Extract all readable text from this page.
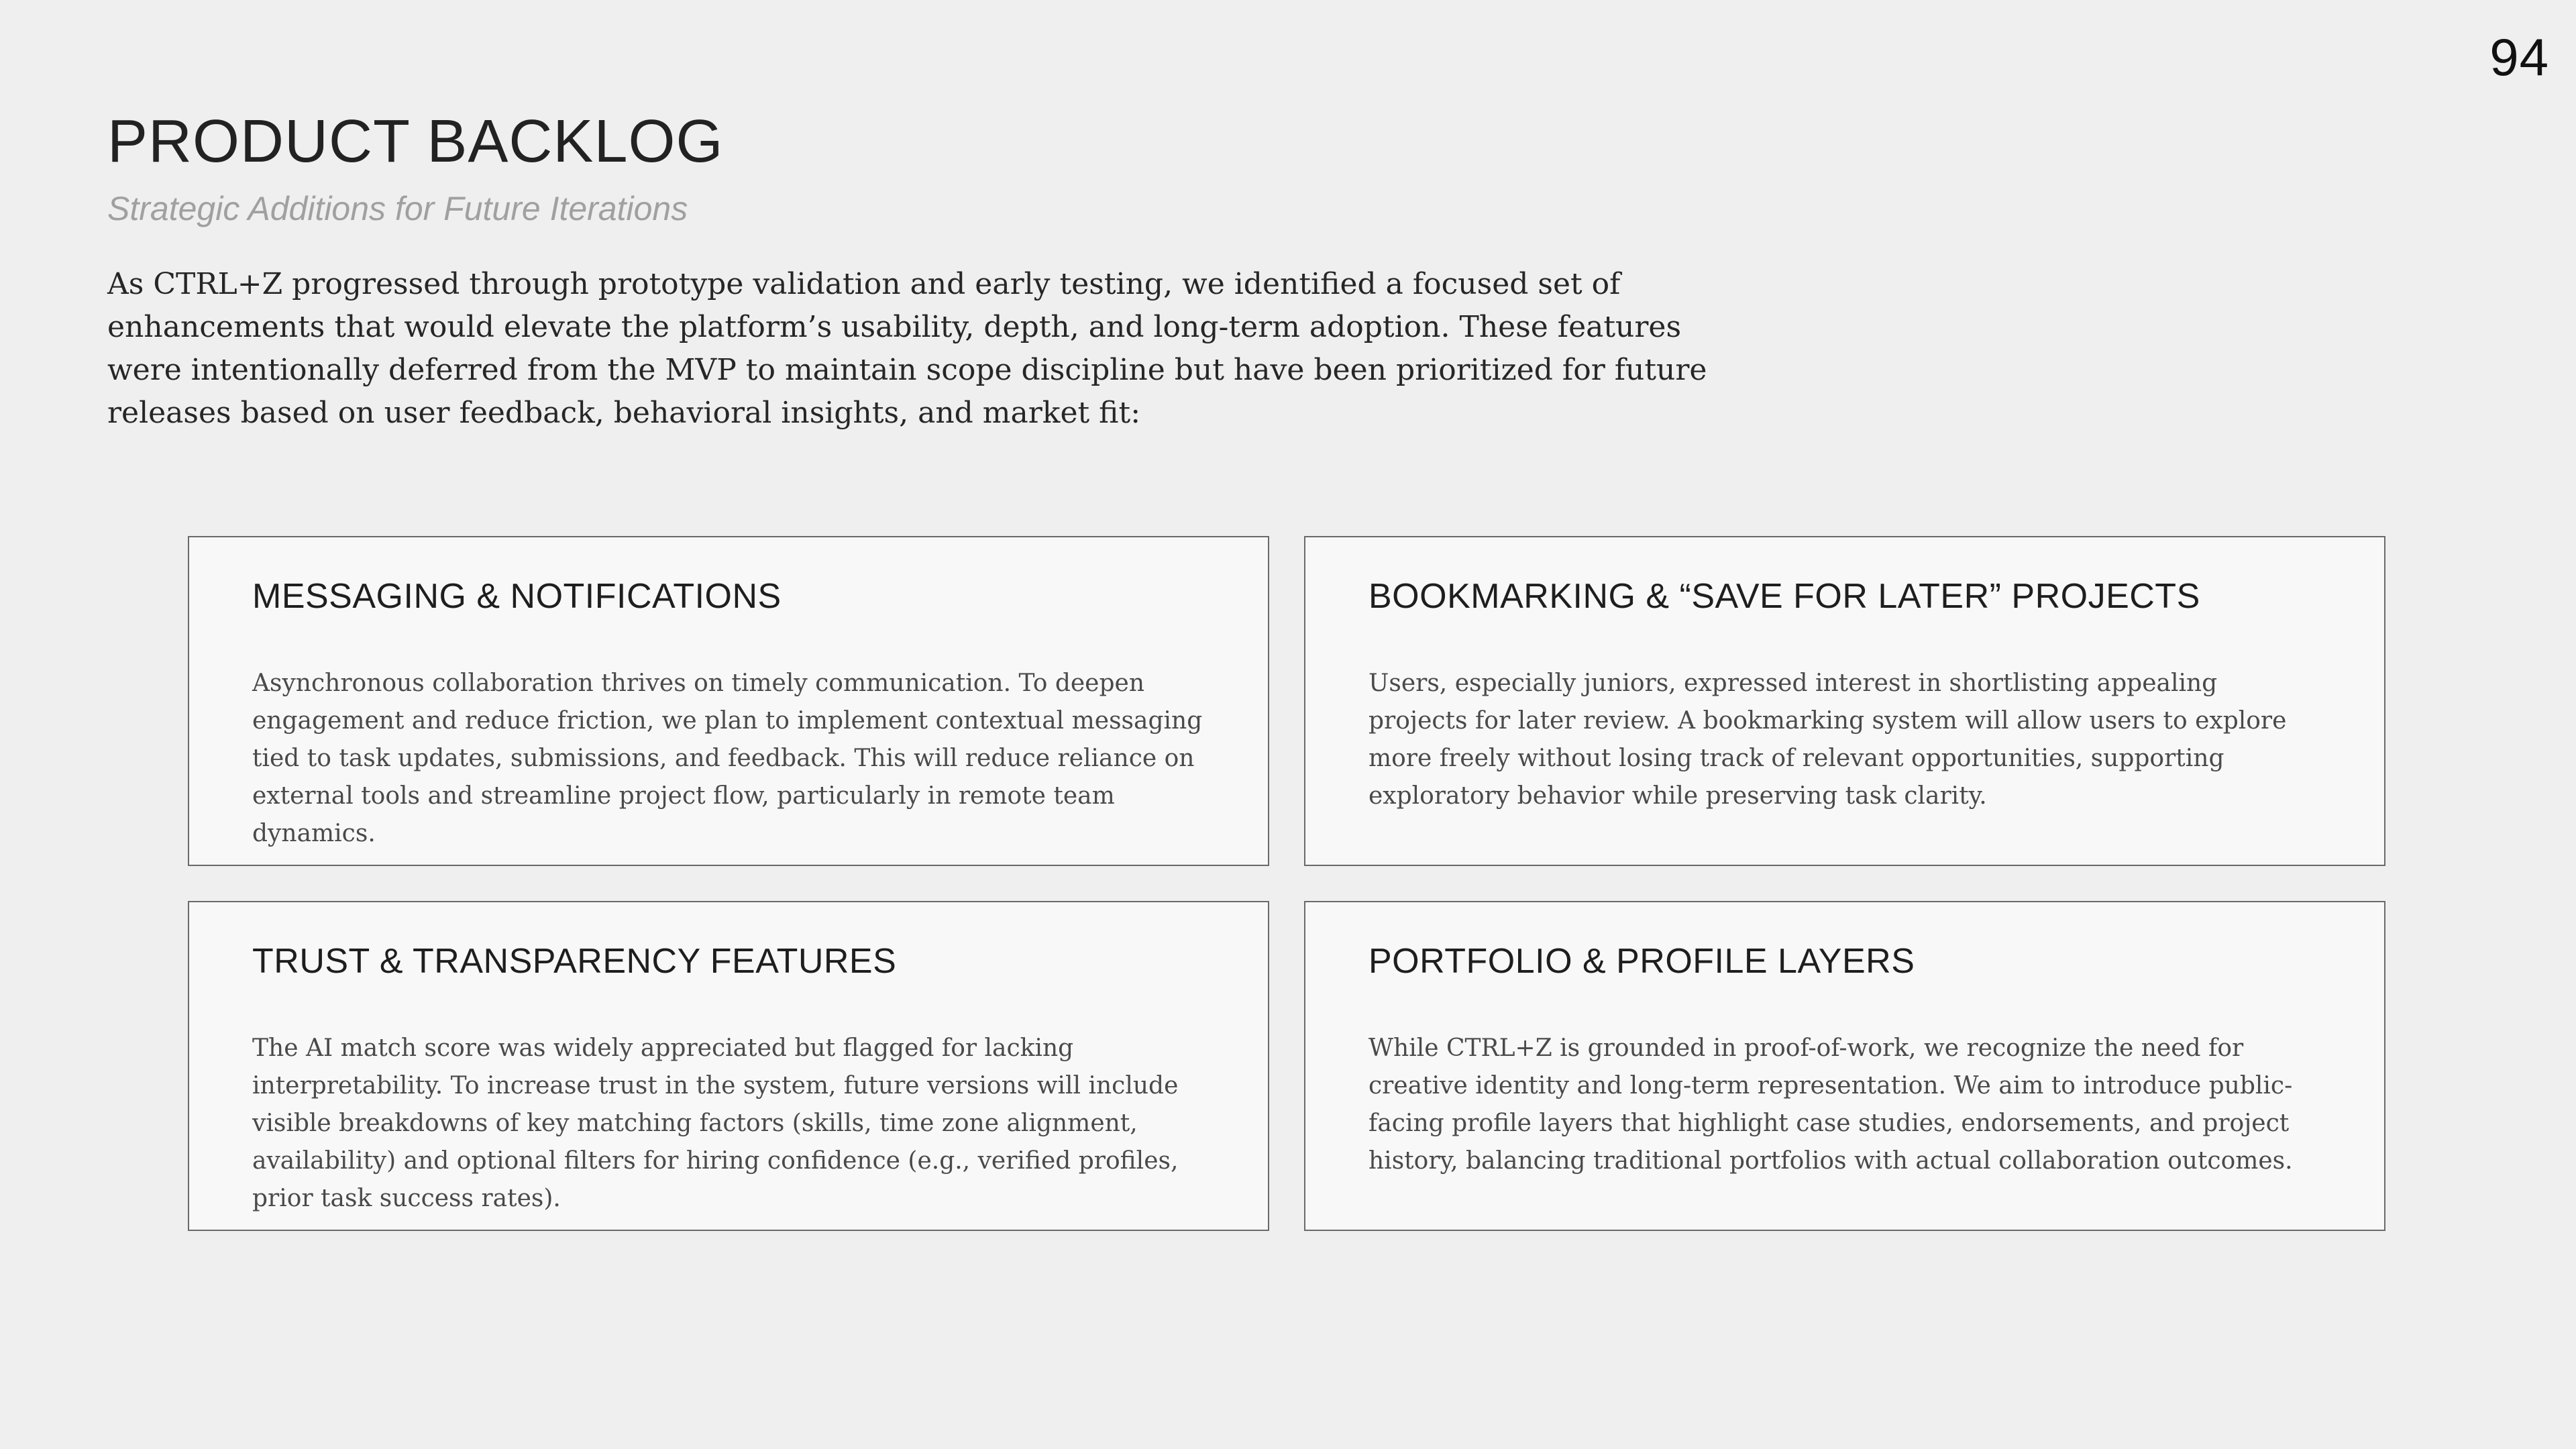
94
PRODUCT BACKLOG
Strategic Additions for Future Iterations

As CTRL+Z progressed through prototype validation and early testing, we identified a focused set of enhancements that would elevate the platform’s usability, depth, and long-term adoption. These features were intentionally deferred from the MVP to maintain scope discipline but have been prioritized for future releases based on user feedback, behavioral insights, and market fit:

MESSAGING & NOTIFICATIONS

Asynchronous collaboration thrives on timely communication. To deepen engagement and reduce friction, we plan to implement contextual messaging tied to task updates, submissions, and feedback. This will reduce reliance on external tools and streamline project flow, particularly in remote team dynamics.

BOOKMARKING & “SAVE FOR LATER” PROJECTS

Users, especially juniors, expressed interest in shortlisting appealing projects for later review. A bookmarking system will allow users to explore more freely without losing track of relevant opportunities, supporting exploratory behavior while preserving task clarity.

TRUST & TRANSPARENCY FEATURES

The AI match score was widely appreciated but flagged for lacking interpretability. To increase trust in the system, future versions will include visible breakdowns of key matching factors (skills, time zone alignment, availability) and optional filters for hiring confidence (e.g., verified profiles, prior task success rates).

PORTFOLIO & PROFILE LAYERS

While CTRL+Z is grounded in proof-of-work, we recognize the need for creative identity and long-term representation. We aim to introduce public-facing profile layers that highlight case studies, endorsements, and project history, balancing traditional portfolios with actual collaboration outcomes.
